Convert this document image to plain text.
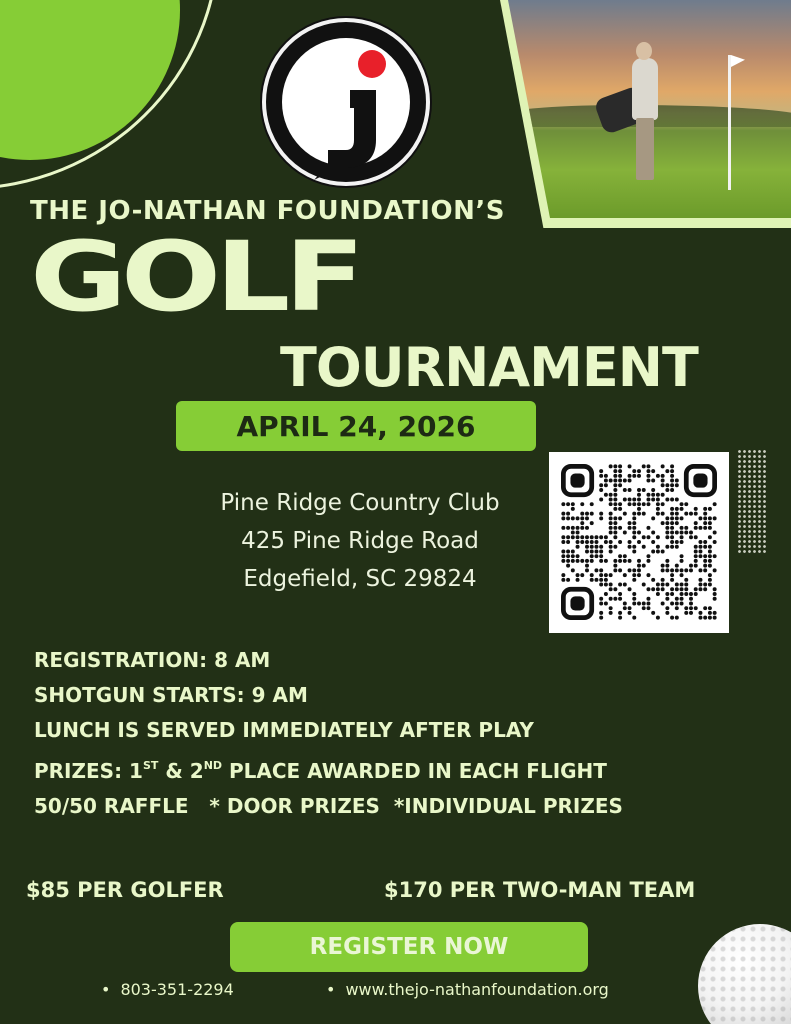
THE JO-NATHAN FOUNDATION’S
GOLF
TOURNAMENT
APRIL 24, 2026
Pine Ridge Country Club
425 Pine Ridge Road
Edgefield, SC 29824
REGISTRATION: 8 AM
SHOTGUN STARTS: 9 AM
LUNCH IS SERVED IMMEDIATELY AFTER PLAY
PRIZES: 1ST & 2ND PLACE AWARDED IN EACH FLIGHT
50/50 RAFFLE   * DOOR PRIZES  *INDIVIDUAL PRIZES
$85 PER GOLFER	$170 PER TWO-MAN TEAM
REGISTER NOW
• 803-351-2294	• www.thejo-nathanfoundation.org
